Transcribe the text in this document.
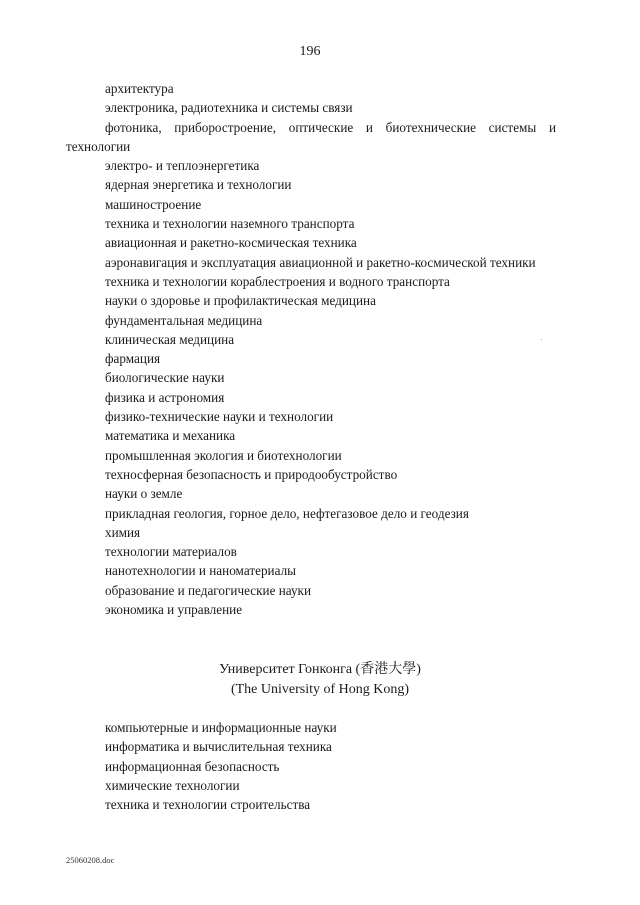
196
архитектура
электроника, радиотехника и системы связи
фотоника, приборостроение, оптические и биотехнические системы и технологии
электро- и теплоэнергетика
ядерная энергетика и технологии
машиностроение
техника и технологии наземного транспорта
авиационная и ракетно-космическая техника
аэронавигация и эксплуатация авиационной и ракетно-космической техники
техника и технологии кораблестроения и водного транспорта
науки о здоровье и профилактическая медицина
фундаментальная медицина
клиническая медицина
фармация
биологические науки
физика и астрономия
физико-технические науки и технологии
математика и механика
промышленная экология и биотехнологии
техносферная безопасность и природообустройство
науки о земле
прикладная геология, горное дело, нефтегазовое дело и геодезия
химия
технологии материалов
нанотехнологии и наноматериалы
образование и педагогические науки
экономика и управление
Университет Гонконга (香港大學)
(The University of Hong Kong)
компьютерные и информационные науки
информатика и вычислительная техника
информационная безопасность
химические технологии
техника и технологии строительства
25060208.doc
